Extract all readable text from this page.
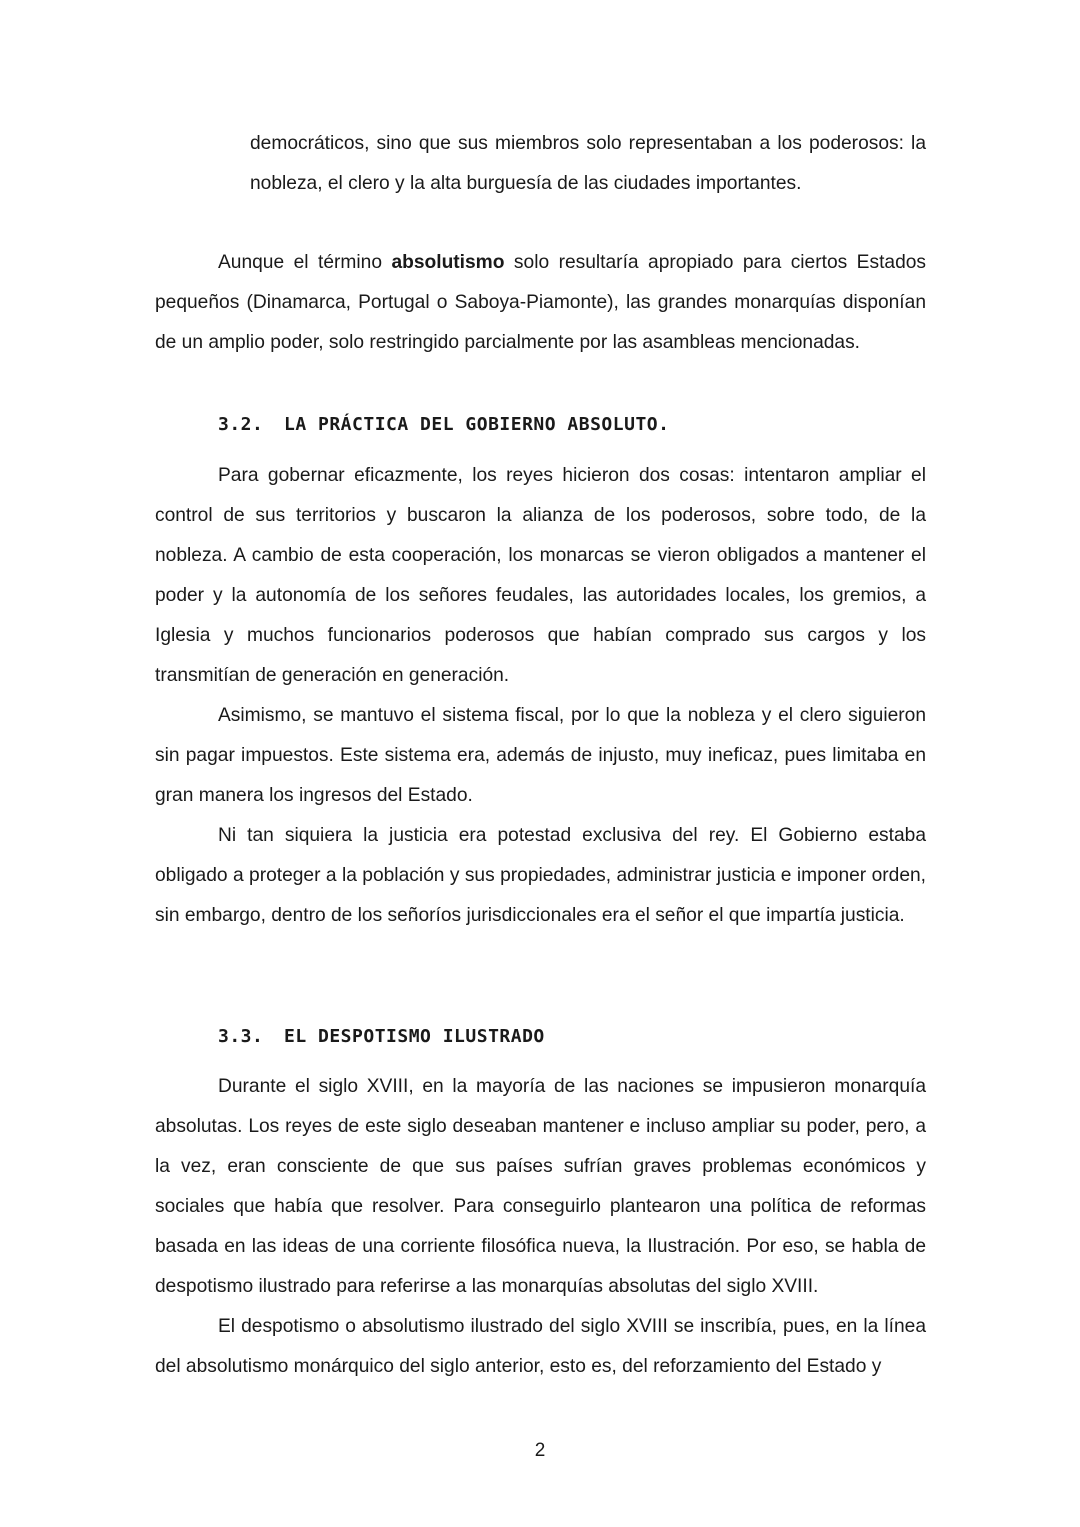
democráticos, sino que sus miembros solo representaban a los poderosos: la nobleza, el clero y la alta burguesía de las ciudades importantes.

Aunque el término absolutismo solo resultaría apropiado para ciertos Estados pequeños (Dinamarca, Portugal o Saboya-Piamonte), las grandes monarquías disponían de un amplio poder, solo restringido parcialmente por las asambleas mencionadas.

3.2. LA PRÁCTICA DEL GOBIERNO ABSOLUTO.

Para gobernar eficazmente, los reyes hicieron dos cosas: intentaron ampliar el control de sus territorios y buscaron la alianza de los poderosos, sobre todo, de la nobleza. A cambio de esta cooperación, los monarcas se vieron obligados a mantener el poder y la autonomía de los señores feudales, las autoridades locales, los gremios, a Iglesia y muchos funcionarios poderosos que habían comprado sus cargos y los transmitían de generación en generación.

Asimismo, se mantuvo el sistema fiscal, por lo que la nobleza y el clero siguieron sin pagar impuestos. Este sistema era, además de injusto, muy ineficaz, pues limitaba en gran manera los ingresos del Estado.

Ni tan siquiera la justicia era potestad exclusiva del rey. El Gobierno estaba obligado a proteger a la población y sus propiedades, administrar justicia e imponer orden, sin embargo, dentro de los señoríos jurisdiccionales era el señor el que impartía justicia.

3.3. EL DESPOTISMO ILUSTRADO

Durante el siglo XVIII, en la mayoría de las naciones se impusieron monarquía absolutas. Los reyes de este siglo deseaban mantener e incluso ampliar su poder, pero, a la vez, eran consciente de que sus países sufrían graves problemas económicos y sociales que había que resolver. Para conseguirlo plantearon una política de reformas basada en las ideas de una corriente filosófica nueva, la Ilustración. Por eso, se habla de despotismo ilustrado para referirse a las monarquías absolutas del siglo XVIII.

El despotismo o absolutismo ilustrado del siglo XVIII se inscribía, pues, en la línea del absolutismo monárquico del siglo anterior, esto es, del reforzamiento del Estado y

2
